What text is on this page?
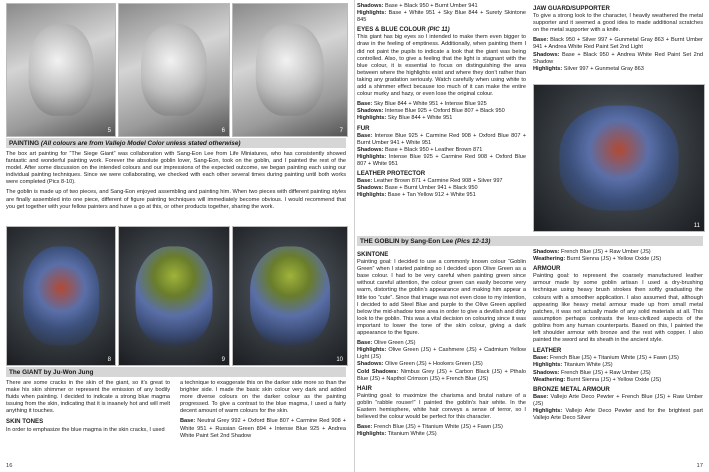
5	6	7
PAINTING (All colours are from Vallejo Model Color unless stated otherwise)

The box art painting for “The Siege Giant” was collaboration with Sang-Eon Lee from Life Miniatures, who has consistently showed fantastic and wonderful painting work. Forever the absolute goblin lover, Sang-Eon, took on the goblin, and I painted the rest of the model. After some discussion on the intended colours and our impressions of the expected outcome, we began painting each using our individual painting techniques. Since we were collaborating, we checked with each other several times during painting until both works were completed (Pics 8-10).

The goblin is made up of two pieces, and Sang-Eon enjoyed assembling and painting him. When two pieces with different painting styles are finally assembled into one piece, different of figure painting techniques will immediately become obvious. I would recommend that you get together with your fellow painters and have a go at this, or other products together, sharing the work.

8	9	10
The GIANT by Ju-Won Jung

There are some cracks in the skin of the giant, so it’s great to make his skin shimmer or represent the emission of any bodily fluids when painting. I decided to indicate a strong blue magma issuing from the skin, indicating that it is insanely hot and will melt anything it touches.

SKIN TONES

In order to emphasize the blue magma in the skin cracks, I used

a technique to exaggerate this on the darker side more so than the brighter side. I made the basic skin colour very dark and added more diverse colours on the darker colour as the painting progressed. To give a contrast to the blue magma, I used a fairly decent amount of warm colours for the skin.

Base: Neutral Grey 992 + Oxford Blue 807 + Carmine Red 908 + White 951 + Russian Green 894 + Intense Blue 925 + Andrea White Paint Set 2nd Shadow
16
Shadows: Base + Black 950 + Burnt Umber 941
Highlights: Base + White 951 + Sky Blue 844 + Surety Skintone 845
EYES & BLUE COLOUR (PIC 11)

This giant has big eyes so I intended to make them even bigger to draw in the feeling of emptiness. Additionally, when painting them I did not paint the pupils to indicate a look that the giant was being controlled. Also, to give a feeling that the light is stagnant with the blue colour, it is essential to focus on distinguishing the area between where the highlights exist and where they don’t rather than taking any gradation seriously. Watch carefully when using white to add a shimmer effect because too much of it can make the entire colour murky and hazy, or even lose the original colour.

Base: Sky Blue 844 + White 951 + Intense Blue 925
Shadows: Intense Blue 925 + Oxford Blue 807 + Black 950
Highlights: Sky Blue 844 + White 951
FUR
Base: Intense Blue 925 + Carmine Red 908 + Oxford Blue 807 + Burnt Umber 941 + White 951
Shadows: Base + Black 950 + Leather Brown 871
Highlights: Intense Blue 925 + Carmine Red 908 + Oxford Blue 807 + White 951
LEATHER PROTECTOR
Base: Leather Brown 871 + Carmine Red 908 + Silver 997
Shadows: Base + Burnt Umber 941 + Black 950
Highlights: Base + Tan Yellow 912 + White 951
JAW GUARD/SUPPORTER

To give a strong look to the character, I heavily weathered the metal supporter and it seemed a good idea to made additional scratches on the metal supporter with a knife.

Base: Black 950 + Silver 997 + Gunmetal Gray 863 + Burnt Umber 941 + Andrea White Red Paint Set 2nd Light
Shadows: Base + Black 950 + Andrea White Red Paint Set 2nd Shadow
Highlights: Silver 997 + Gunmetal Gray 863
11
THE GOBLIN by Sang-Eon Lee (Pics 12-13)
SKINTONE

Painting goal: I decided to use a commonly known colour “Goblin Green” when I started painting so I decided upon Olive Green as a base colour. I had to be very careful when painting green since without careful attention, the colour green can easily become very warm, distorting the goblin’s appearance and making him appear a little too “cute”. Since that image was not even close to my intention, I decided to add Steel Blue and purple to the Olive Green applied below the mid-shadow tone area in order to give a devilish and dirty look to the goblin. This was a vital decision on colouring since it was important to lower the tone of the skin colour, giving a dark appearance to the figure.

Base: Olive Green (JS)
Highlights: Olive Green (JS) + Cashmere (JS) + Cadmium Yellow Light (JS)
Shadows: Olive Green (JS) + Hookers Green (JS)
Cold Shadows: Nimbus Grey (JS) + Carbon Black (JS) + Pthalo Blue (JS) + Napthol Crimson (JS) + French Blue (JS)
HAIR

Painting goal: to maximize the charisma and brutal nature of a goblin “rabble rouser!” I painted the goblin’s hair white. In the Eastern hemisphere, white hair conveys a sense of terror, so I believed the colour would be perfect for this character.

Base: French Blue (JS) + Titanium White (JS) + Fawn (JS)
Highlights: Titanium White (JS)
Shadows: French Blue (JS) + Raw Umber (JS)
Weathering: Burnt Sienna (JS) + Yellow Oxide (JS)
ARMOUR

Painting goal: to represent the coarsely manufactured leather armour made by some goblin artisan I used a dry-brushing technique using heavy brush strokes then softly graduating the colours with a smoother application. I also assumed that, although appearing like heavy metal armour made up from small metal patches, it was not actually made of any solid materials at all. This assumption perhaps contrasts the less-civilized aspects of the goblins from any human counterparts. Based on this, I painted the left shoulder armour with bronze and the rest with copper. I also painted the sword and its sheath in the ancient style.

LEATHER
Base: French Blue (JS) + Titanium White (JS) + Fawn (JS)
Highlights: Titanium White (JS)
Shadows: French Blue (JS) + Raw Umber (JS)
Weathering: Burnt Sienna (JS) + Yellow Oxide (JS)
BRONZE METAL ARMOUR
Base: Vallejo Arte Deco Pewter + French Blue (JS) + Raw Umber (JS)
Highlights: Vallejo Arte Deco Pewter and for the brightest part Vallejo Arte Deco Silver
17
